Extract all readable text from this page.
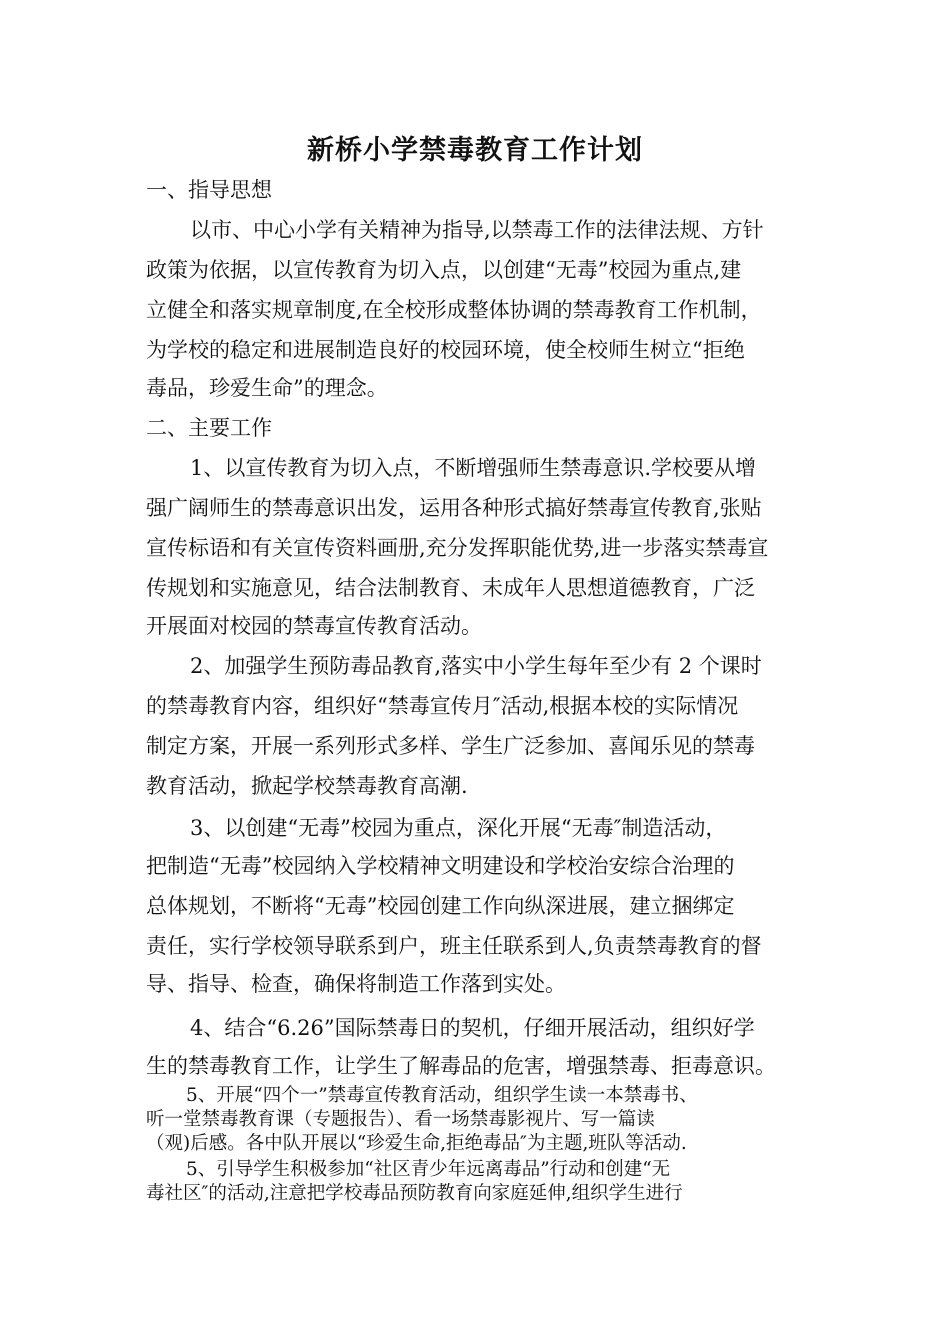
新桥小学禁毒教育工作计划
一、指导思想
以市、中心小学有关精神为指导,以禁毒工作的法律法规、方针
政策为依据，以宣传教育为切入点，以创建“无毒”校园为重点,建
立健全和落实规章制度,在全校形成整体协调的禁毒教育工作机制，
为学校的稳定和进展制造良好的校园环境，使全校师生树立“拒绝
毒品，珍爱生命”的理念。
二、主要工作
1、以宣传教育为切入点，不断增强师生禁毒意识.学校要从增
强广阔师生的禁毒意识出发，运用各种形式搞好禁毒宣传教育,张贴
宣传标语和有关宣传资料画册,充分发挥职能优势,进一步落实禁毒宣
传规划和实施意见，结合法制教育、未成年人思想道德教育，广泛
开展面对校园的禁毒宣传教育活动。
2、加强学生预防毒品教育,落实中小学生每年至少有 2 个课时
的禁毒教育内容，组织好“禁毒宣传月″活动,根据本校的实际情况
制定方案，开展一系列形式多样、学生广泛参加、喜闻乐见的禁毒
教育活动，掀起学校禁毒教育高潮.
3、以创建“无毒”校园为重点，深化开展“无毒″制造活动，
把制造“无毒”校园纳入学校精神文明建设和学校治安综合治理的
总体规划，不断将“无毒”校园创建工作向纵深进展，建立捆绑定
责任，实行学校领导联系到户，班主任联系到人,负责禁毒教育的督
导、指导、检查，确保将制造工作落到实处。
4、结合“6.26”国际禁毒日的契机，仔细开展活动，组织好学
生的禁毒教育工作，让学生了解毒品的危害，增强禁毒、拒毒意识。
5、开展“四个一”禁毒宣传教育活动，组织学生读一本禁毒书、
听一堂禁毒教育课（专题报告）、看一场禁毒影视片、写一篇读
（观)后感。各中队开展以“珍爱生命,拒绝毒品″为主题,班队等活动.
5、引导学生积极参加“社区青少年远离毒品”行动和创建“无
毒社区″的活动,注意把学校毒品预防教育向家庭延伸,组织学生进行
